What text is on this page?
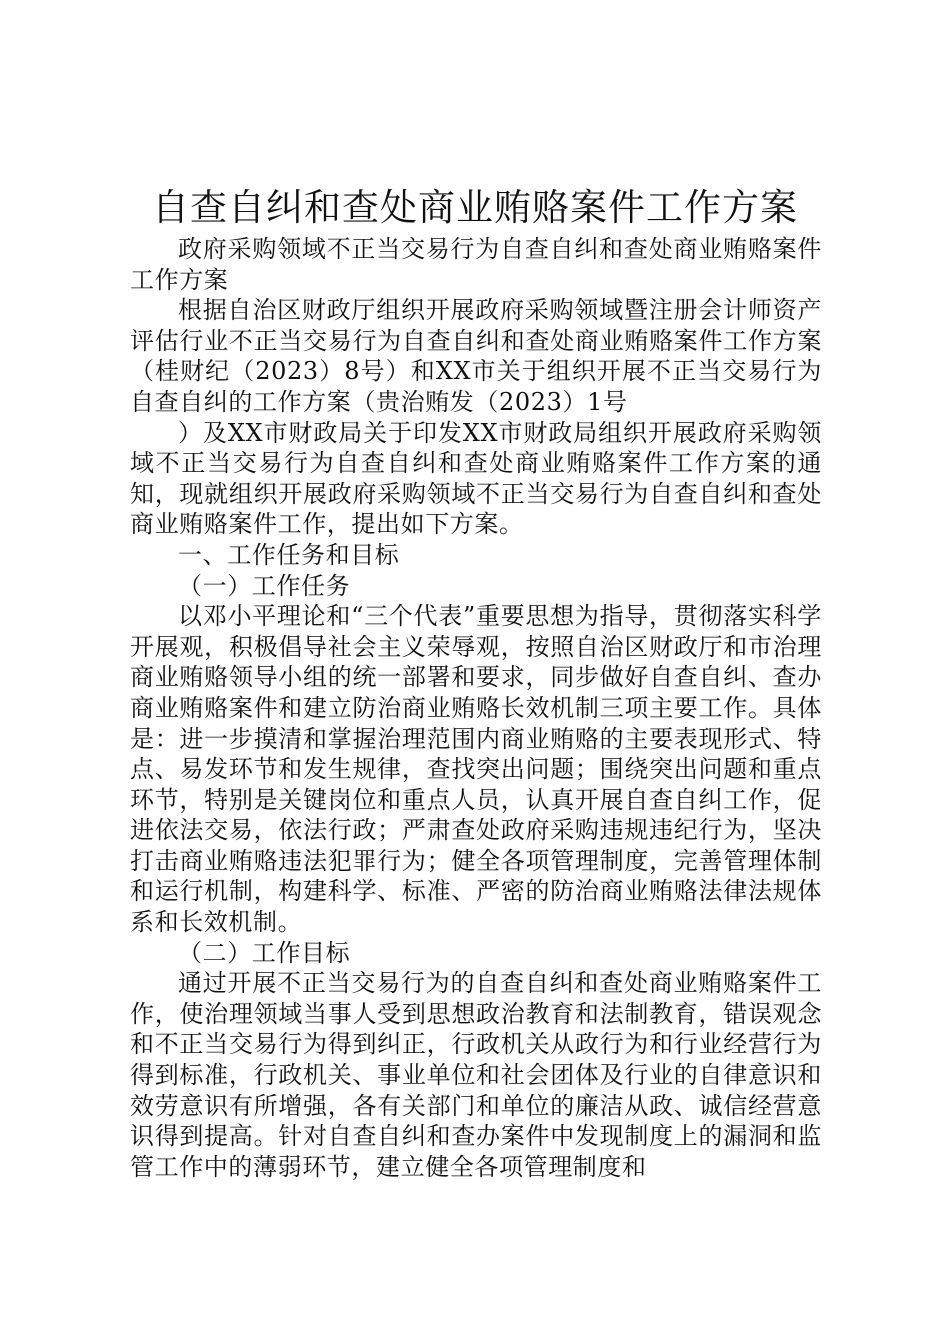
自查自纠和查处商业贿赂案件工作方案

政府采购领域不正当交易行为自查自纠和查处商业贿赂案件工作方案

根据自治区财政厅组织开展政府采购领域暨注册会计师资产评估行业不正当交易行为自查自纠和查处商业贿赂案件工作方案（桂财纪（2023）8号）和XX市关于组织开展不正当交易行为自查自纠的工作方案（贵治贿发（2023）1号

）及XX市财政局关于印发XX市财政局组织开展政府采购领域不正当交易行为自查自纠和查处商业贿赂案件工作方案的通知，现就组织开展政府采购领域不正当交易行为自查自纠和查处商业贿赂案件工作，提出如下方案。

一、工作任务和目标

（一）工作任务

以邓小平理论和“三个代表”重要思想为指导，贯彻落实科学开展观，积极倡导社会主义荣辱观，按照自治区财政厅和市治理商业贿赂领导小组的统一部署和要求，同步做好自查自纠、查办商业贿赂案件和建立防治商业贿赂长效机制三项主要工作。具体是：进一步摸清和掌握治理范围内商业贿赂的主要表现形式、特点、易发环节和发生规律，查找突出问题；围绕突出问题和重点环节，特别是关键岗位和重点人员，认真开展自查自纠工作，促进依法交易，依法行政；严肃查处政府采购违规违纪行为，坚决打击商业贿赂违法犯罪行为；健全各项管理制度，完善管理体制和运行机制，构建科学、标准、严密的防治商业贿赂法律法规体系和长效机制。

（二）工作目标

通过开展不正当交易行为的自查自纠和查处商业贿赂案件工作，使治理领域当事人受到思想政治教育和法制教育，错误观念和不正当交易行为得到纠正，行政机关从政行为和行业经营行为得到标准，行政机关、事业单位和社会团体及行业的自律意识和效劳意识有所增强，各有关部门和单位的廉洁从政、诚信经营意识得到提高。针对自查自纠和查办案件中发现制度上的漏洞和监管工作中的薄弱环节，建立健全各项管理制度和
